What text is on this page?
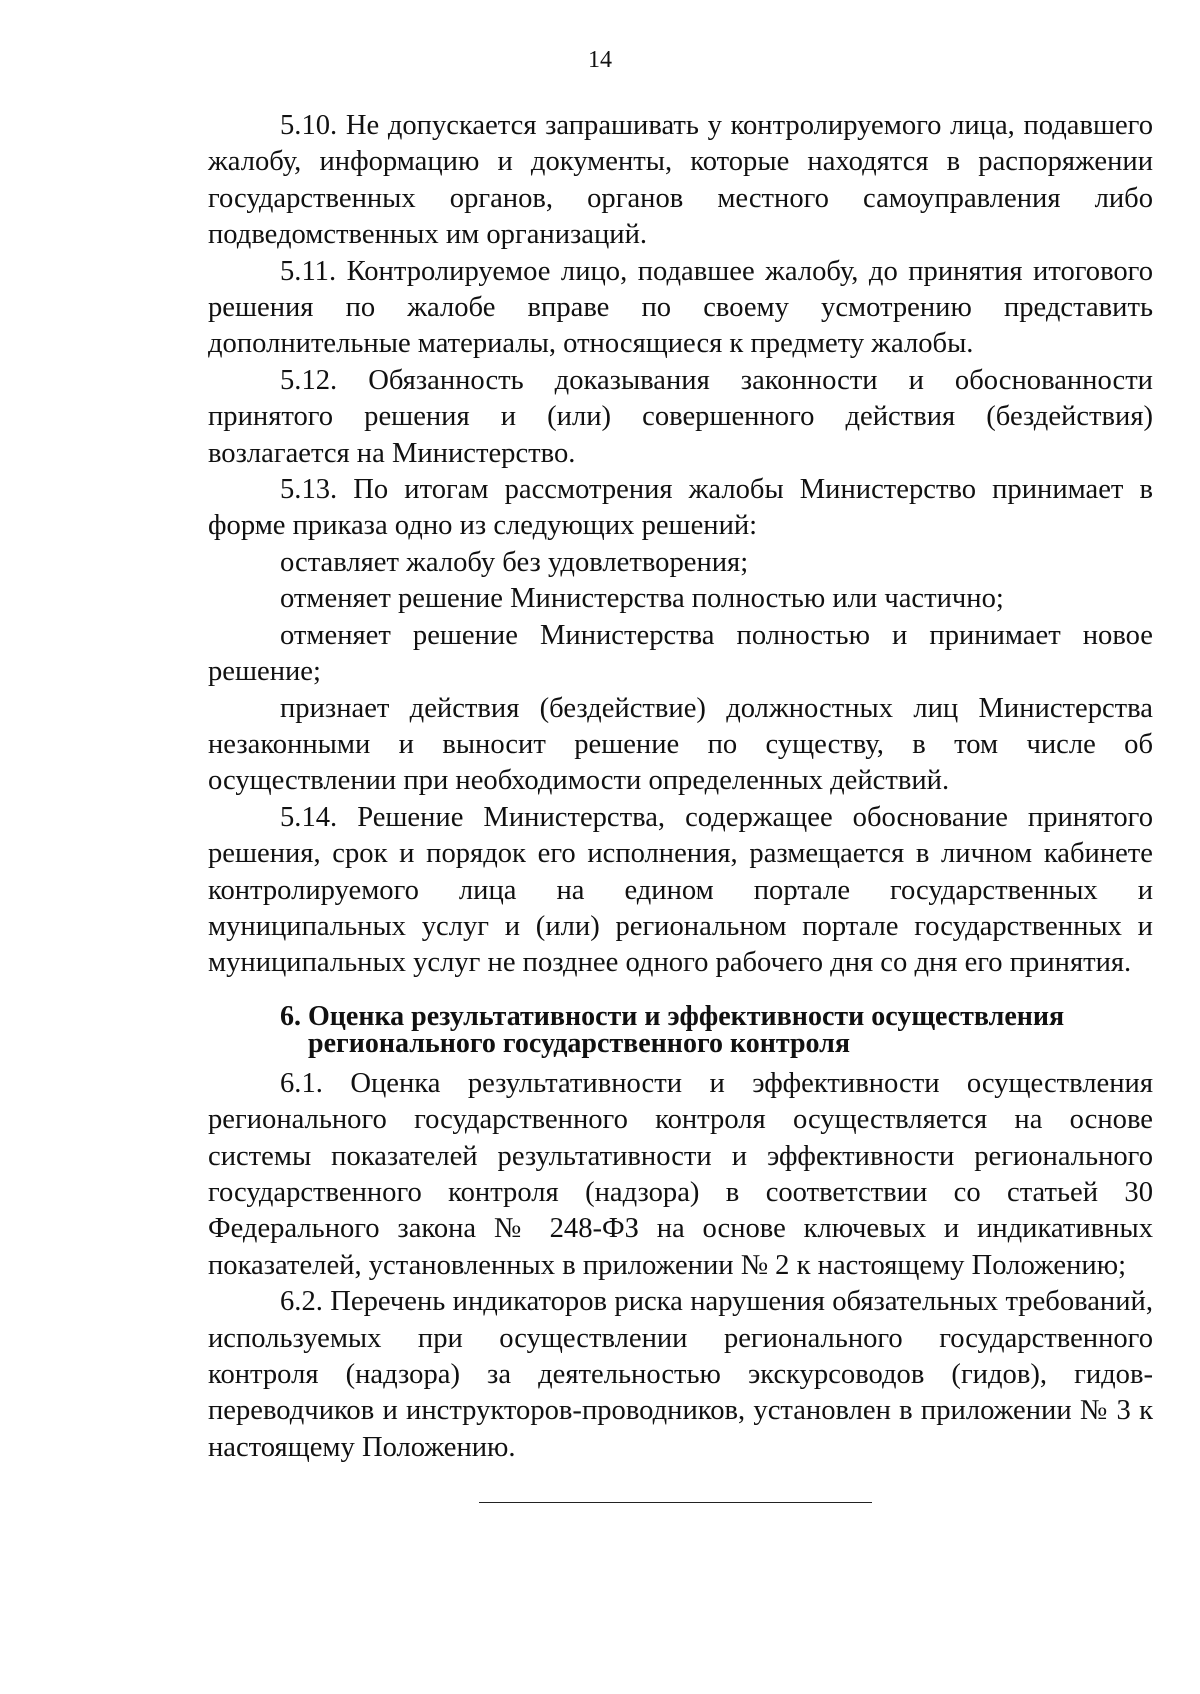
14

5.10. Не допускается запрашивать у контролируемого лица, подавшего жалобу, информацию и документы, которые находятся в распоряжении государственных органов, органов местного самоуправления либо подведомственных им организаций.

5.11. Контролируемое лицо, подавшее жалобу, до принятия итогового решения по жалобе вправе по своему усмотрению представить дополнительные материалы, относящиеся к предмету жалобы.

5.12. Обязанность доказывания законности и обоснованности принятого решения и (или) совершенного действия (бездействия) возлагается на Министерство.

5.13. По итогам рассмотрения жалобы Министерство принимает в форме приказа одно из следующих решений:

оставляет жалобу без удовлетворения;

отменяет решение Министерства полностью или частично;

отменяет решение Министерства полностью и принимает новое решение;

признает действия (бездействие) должностных лиц Министерства незаконными и выносит решение по существу, в том числе об осуществлении при необходимости определенных действий.

5.14. Решение Министерства, содержащее обоснование принятого решения, срок и порядок его исполнения, размещается в личном кабинете контролируемого лица на едином портале государственных и муниципальных услуг и (или) региональном портале государственных и муниципальных услуг не позднее одного рабочего дня со дня его принятия.

6. Оценка результативности и эффективности осуществления
регионального государственного контроля

6.1. Оценка результативности и эффективности осуществления регионального государственного контроля осуществляется на основе системы показателей результативности и эффективности регионального государственного контроля (надзора) в соответствии со статьей 30 Федерального закона № 248-ФЗ на основе ключевых и индикативных показателей, установленных в приложении № 2 к настоящему Положению;

6.2. Перечень индикаторов риска нарушения обязательных требований, используемых при осуществлении регионального государственного контроля (надзора) за деятельностью экскурсоводов (гидов), гидов-переводчиков и инструкторов-проводников, установлен в приложении № 3 к настоящему Положению.
